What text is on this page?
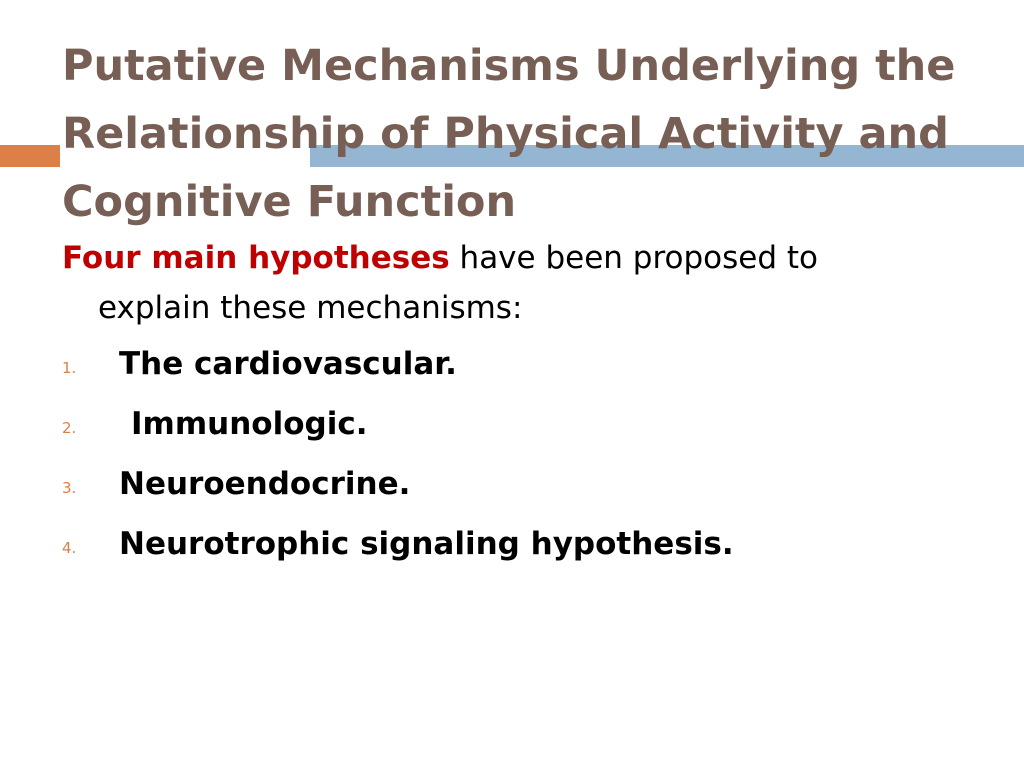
Putative Mechanisms Underlying the Relationship of Physical Activity and Cognitive Function

Four main hypotheses have been proposed to

explain these mechanisms:

1. The cardiovascular.
2. Immunologic.
3. Neuroendocrine.
4. Neurotrophic signaling hypothesis.
